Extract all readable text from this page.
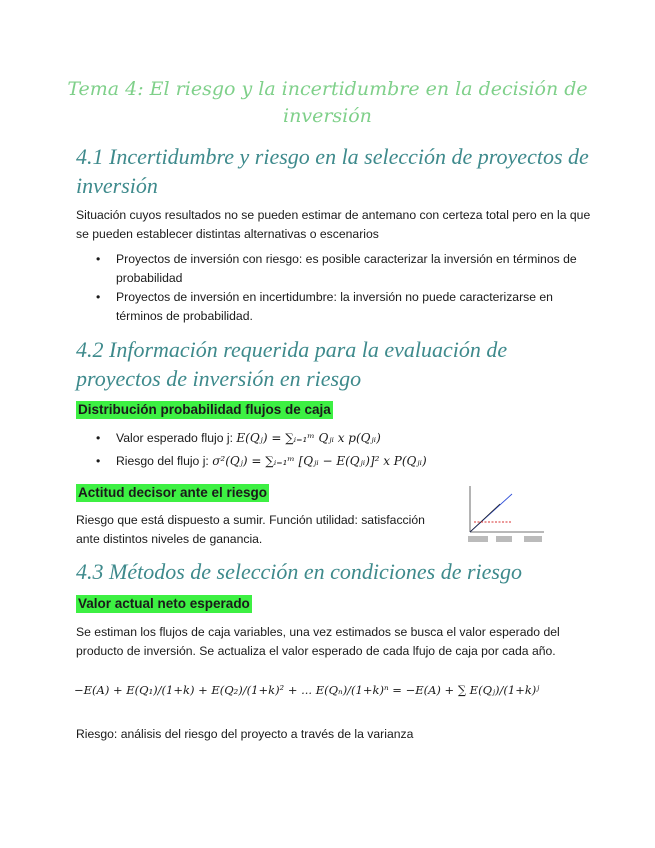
Tema 4: El riesgo y la incertidumbre en la decisión de inversión
4.1 Incertidumbre y riesgo en la selección de proyectos de inversión

Situación cuyos resultados no se pueden estimar de antemano con certeza total pero en la que se pueden establecer distintas alternativas o escenarios

• Proyectos de inversión con riesgo: es posible caracterizar la inversión en términos de probabilidad
• Proyectos de inversión en incertidumbre: la inversión no puede caracterizarse en términos de probabilidad.
4.2 Información requerida para la evaluación de proyectos de inversión en riesgo

Distribución probabilidad flujos de caja

• Valor esperado flujo j: E(Qⱼ) = ∑ᵢ₌₁ᵐ Qⱼᵢ x p(Qⱼᵢ)
• Riesgo del flujo j: σ²(Qⱼ) = ∑ᵢ₌₁ᵐ [Qⱼᵢ − E(Qⱼᵢ)]² x P(Qⱼᵢ)

Actitud decisor ante el riesgo

Riesgo que está dispuesto a sumir. Función utilidad: satisfacción ante distintos niveles de ganancia.

4.3 Métodos de selección en condiciones de riesgo

Valor actual neto esperado

Se estiman los flujos de caja variables, una vez estimados se busca el valor esperado del producto de inversión. Se actualiza el valor esperado de cada lfujo de caja por cada año.

−E(A) + E(Q₁)/(1+k) + E(Q₂)/(1+k)² + ... E(Qₙ)/(1+k)ⁿ = −E(A) + ∑ E(Qⱼ)/(1+k)ʲ

Riesgo: análisis del riesgo del proyecto a través de la varianza
